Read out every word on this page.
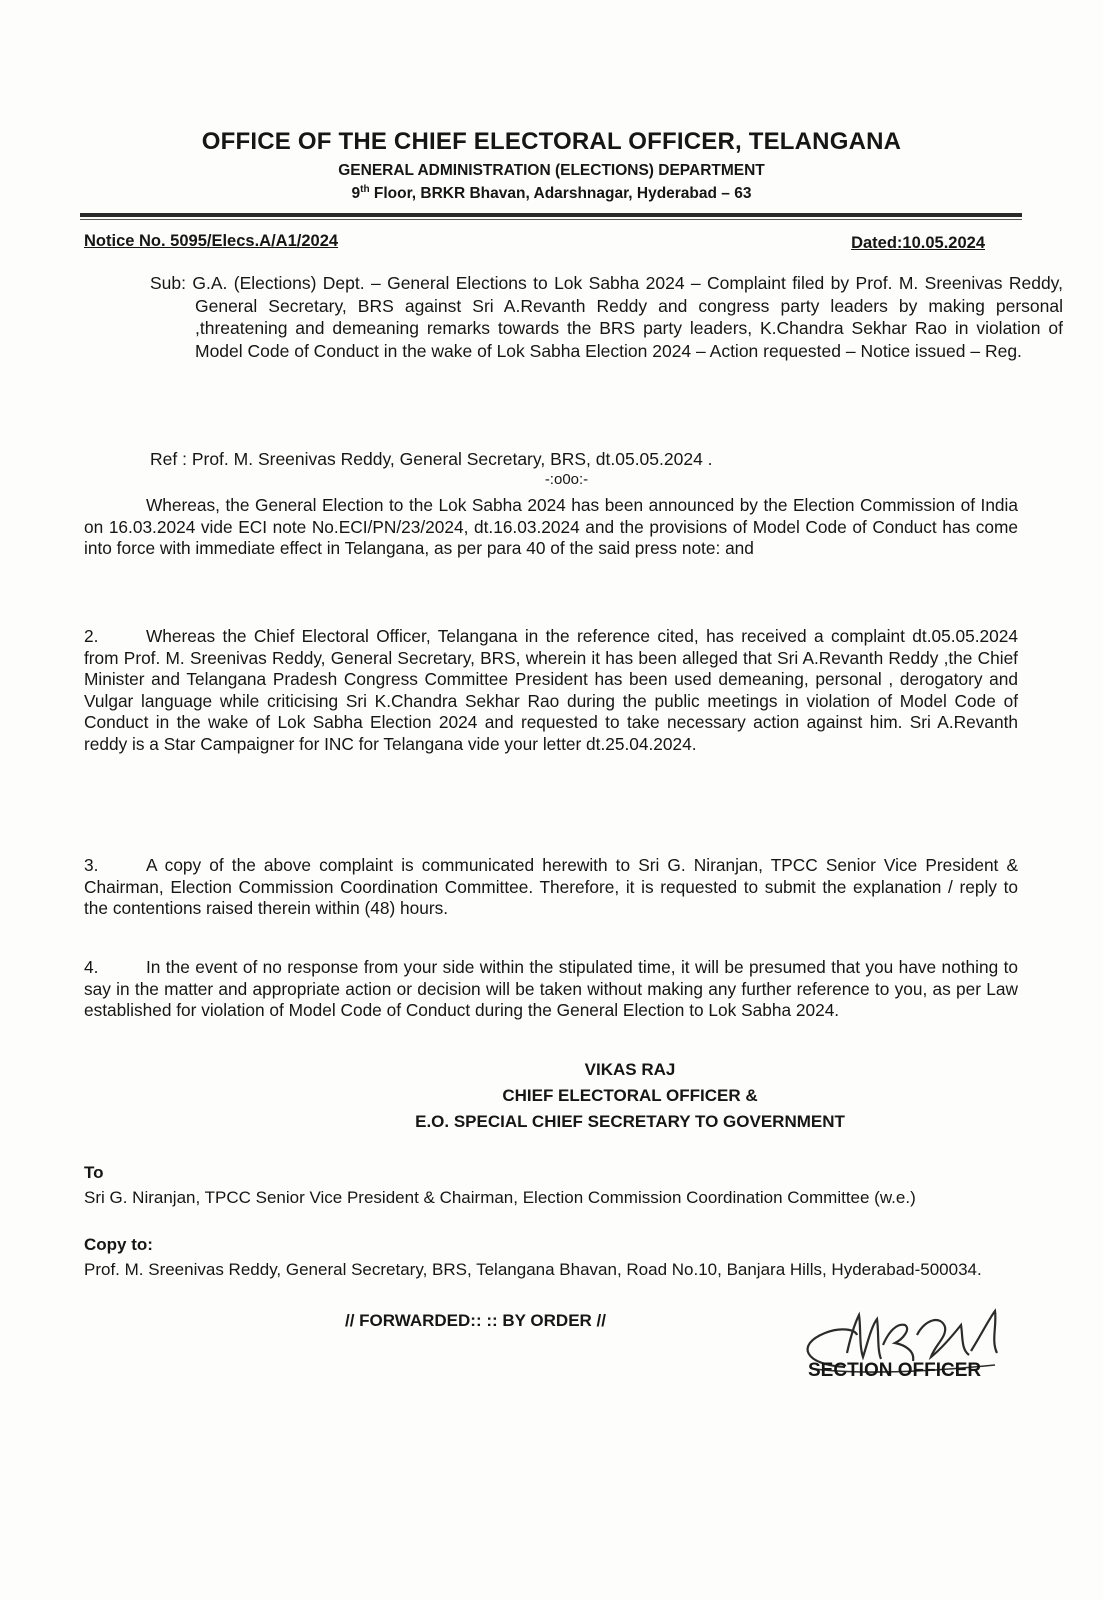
OFFICE OF THE CHIEF ELECTORAL OFFICER, TELANGANA
GENERAL ADMINISTRATION (ELECTIONS) DEPARTMENT
9th Floor, BRKR Bhavan, Adarshnagar, Hyderabad – 63
Notice No. 5095/Elecs.A/A1/2024	Dated:10.05.2024
Sub: G.A. (Elections) Dept. – General Elections to Lok Sabha 2024 – Complaint filed by Prof. M. Sreenivas Reddy, General Secretary, BRS against Sri A.Revanth Reddy and congress party leaders by making personal ,threatening and demeaning remarks towards the BRS party leaders, K.Chandra Sekhar Rao in violation of Model Code of Conduct in the wake of Lok Sabha Election 2024 – Action requested – Notice issued – Reg.
Ref : Prof. M. Sreenivas Reddy, General Secretary, BRS, dt.05.05.2024 .
-:o0o:-
Whereas, the General Election to the Lok Sabha 2024 has been announced by the Election Commission of India on 16.03.2024 vide ECI note No.ECI/PN/23/2024, dt.16.03.2024 and the provisions of Model Code of Conduct has come into force with immediate effect in Telangana, as per para 40 of the said press note: and
2.	Whereas the Chief Electoral Officer, Telangana in the reference cited, has received a complaint dt.05.05.2024 from Prof. M. Sreenivas Reddy, General Secretary, BRS, wherein it has been alleged that Sri A.Revanth Reddy ,the Chief Minister and Telangana Pradesh Congress Committee President has been used demeaning, personal , derogatory and Vulgar language while criticising Sri K.Chandra Sekhar Rao during the public meetings in violation of Model Code of Conduct in the wake of Lok Sabha Election 2024 and requested to take necessary action against him. Sri A.Revanth reddy is a Star Campaigner for INC for Telangana vide your letter dt.25.04.2024.
3.	A copy of the above complaint is communicated herewith to Sri G. Niranjan, TPCC Senior Vice President & Chairman, Election Commission Coordination Committee. Therefore, it is requested to submit the explanation / reply to the contentions raised therein within (48) hours.
4.	In the event of no response from your side within the stipulated time, it will be presumed that you have nothing to say in the matter and appropriate action or decision will be taken without making any further reference to you, as per Law established for violation of Model Code of Conduct during the General Election to Lok Sabha 2024.
VIKAS RAJ
CHIEF ELECTORAL OFFICER &
E.O. SPECIAL CHIEF SECRETARY TO GOVERNMENT
To
Sri G. Niranjan, TPCC Senior Vice President & Chairman, Election Commission Coordination Committee (w.e.)
Copy to:
Prof. M. Sreenivas Reddy, General Secretary, BRS, Telangana Bhavan, Road No.10, Banjara Hills, Hyderabad-500034.
// FORWARDED:: :: BY ORDER //
SECTION OFFICER
